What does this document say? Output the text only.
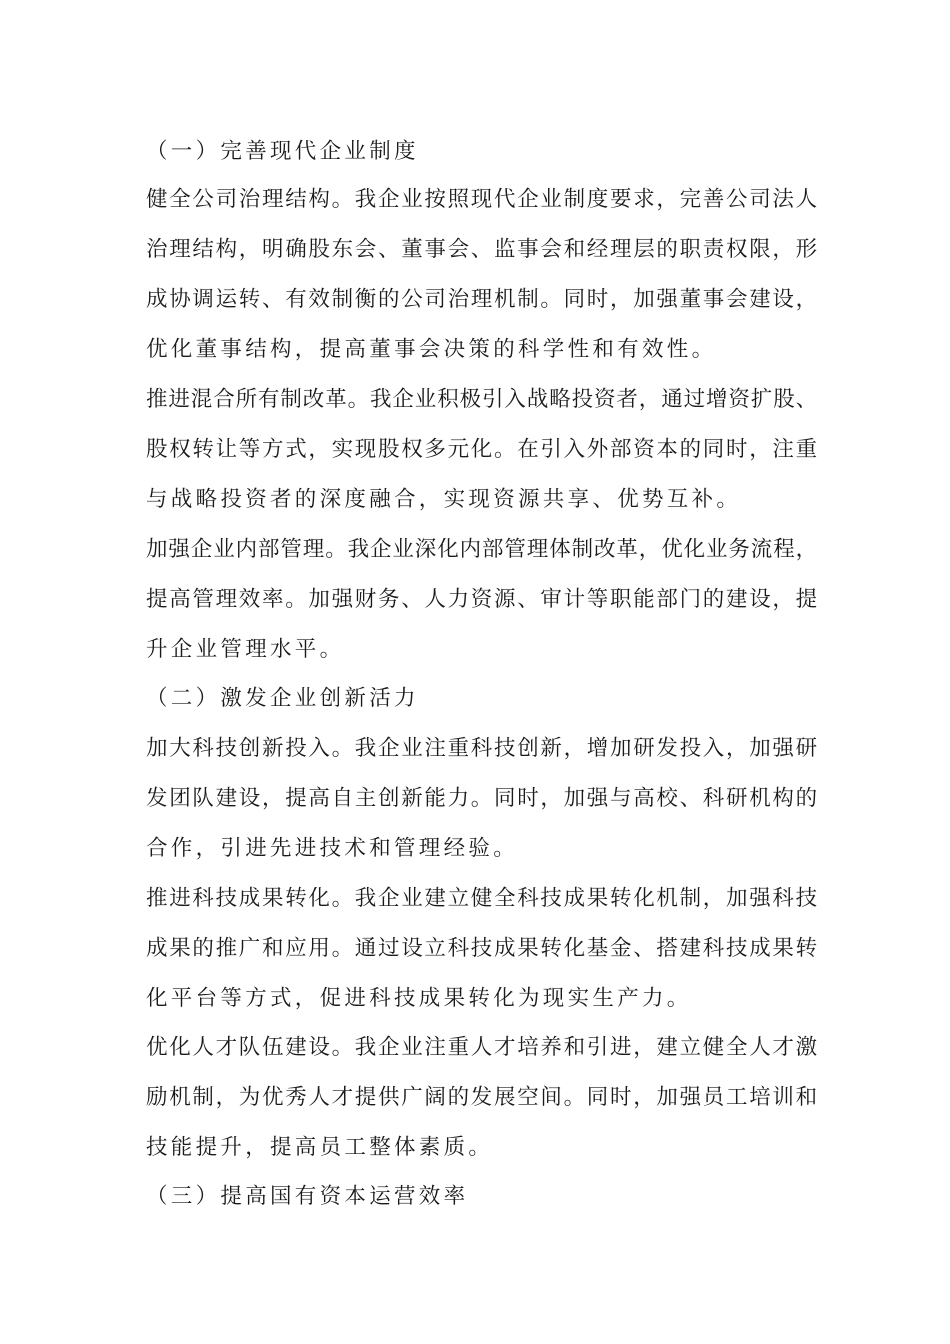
（一）完善现代企业制度

健全公司治理结构。我企业按照现代企业制度要求，完善公司法人

治理结构，明确股东会、董事会、监事会和经理层的职责权限，形

成协调运转、有效制衡的公司治理机制。同时，加强董事会建设，

优化董事结构，提高董事会决策的科学性和有效性。

推进混合所有制改革。我企业积极引入战略投资者，通过增资扩股、

股权转让等方式，实现股权多元化。在引入外部资本的同时，注重

与战略投资者的深度融合，实现资源共享、优势互补。

加强企业内部管理。我企业深化内部管理体制改革，优化业务流程，

提高管理效率。加强财务、人力资源、审计等职能部门的建设，提

升企业管理水平。

（二）激发企业创新活力

加大科技创新投入。我企业注重科技创新，增加研发投入，加强研

发团队建设，提高自主创新能力。同时，加强与高校、科研机构的

合作，引进先进技术和管理经验。

推进科技成果转化。我企业建立健全科技成果转化机制，加强科技

成果的推广和应用。通过设立科技成果转化基金、搭建科技成果转

化平台等方式，促进科技成果转化为现实生产力。

优化人才队伍建设。我企业注重人才培养和引进，建立健全人才激

励机制，为优秀人才提供广阔的发展空间。同时，加强员工培训和

技能提升，提高员工整体素质。

（三）提高国有资本运营效率
